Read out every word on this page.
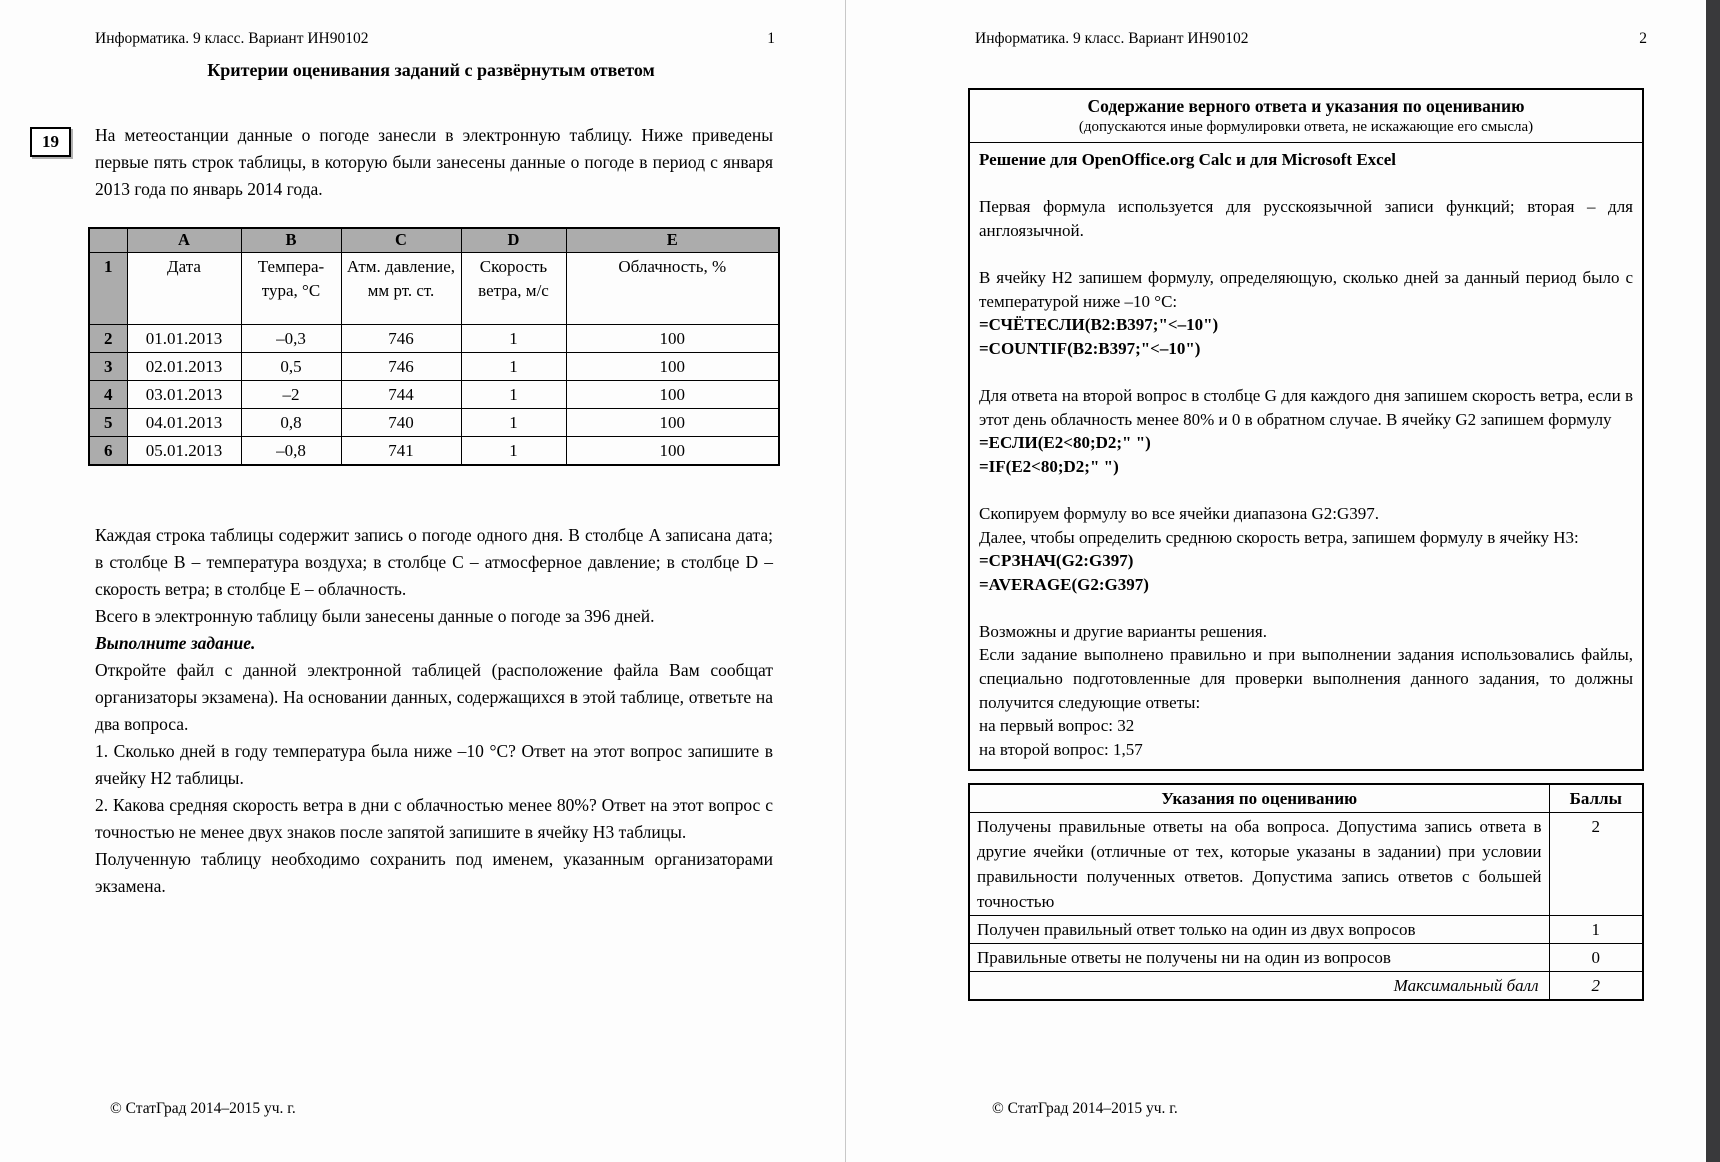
Информатика. 9 класс. Вариант ИН90102	1
Критерии оценивания заданий с развёрнутым ответом
19 На метеостанции данные о погоде занесли в электронную таблицу. Ниже приведены первые пять строк таблицы, в которую были занесены данные о погоде в период с января 2013 года по январь 2014 года.
	A	B	C	D	E
1	Дата	Темпера-тура, °С	Атм. давление, мм рт. ст.	Скорость ветра, м/с	Облачность, %
2	01.01.2013	–0,3	746	1	100
3	02.01.2013	0,5	746	1	100
4	03.01.2013	–2	744	1	100
5	04.01.2013	0,8	740	1	100
6	05.01.2013	–0,8	741	1	100
Каждая строка таблицы содержит запись о погоде одного дня. В столбце A записана дата; в столбце B – температура воздуха; в столбце C – атмосферное давление; в столбце D – скорость ветра; в столбце E – облачность.
Всего в электронную таблицу были занесены данные о погоде за 396 дней.
Выполните задание.
Откройте файл с данной электронной таблицей (расположение файла Вам сообщат организаторы экзамена). На основании данных, содержащихся в этой таблице, ответьте на два вопроса.
1. Сколько дней в году температура была ниже –10 °С? Ответ на этот вопрос запишите в ячейку H2 таблицы.
2. Какова средняя скорость ветра в дни с облачностью менее 80%? Ответ на этот вопрос с точностью не менее двух знаков после запятой запишите в ячейку H3 таблицы.
Полученную таблицу необходимо сохранить под именем, указанным организаторами экзамена.
© СтатГрад 2014–2015 уч. г.
Информатика. 9 класс. Вариант ИН90102	2
Содержание верного ответа и указания по оцениванию
(допускаются иные формулировки ответа, не искажающие его смысла)
Решение для OpenOffice.org Calc и для Microsoft Excel
Первая формула используется для русскоязычной записи функций; вторая – для англоязычной.
В ячейку H2 запишем формулу, определяющую, сколько дней за данный период было с температурой ниже –10 °С:
=СЧЁТЕСЛИ(B2:B397;"<–10")
=COUNTIF(B2:B397;"<–10")
Для ответа на второй вопрос в столбце G для каждого дня запишем скорость ветра, если в этот день облачность менее 80% и 0 в обратном случае. В ячейку G2 запишем формулу
=ЕСЛИ(E2<80;D2;" ")
=IF(E2<80;D2;" ")
Скопируем формулу во все ячейки диапазона G2:G397.
Далее, чтобы определить среднюю скорость ветра, запишем формулу в ячейку H3:
=СРЗНАЧ(G2:G397)
=AVERAGE(G2:G397)
Возможны и другие варианты решения.
Если задание выполнено правильно и при выполнении задания использовались файлы, специально подготовленные для проверки выполнения данного задания, то должны получится следующие ответы:
на первый вопрос: 32
на второй вопрос: 1,57
Указания по оцениванию	Баллы
Получены правильные ответы на оба вопроса. Допустима запись ответа в другие ячейки (отличные от тех, которые указаны в задании) при условии правильности полученных ответов. Допустима запись ответов с большей точностью	2
Получен правильный ответ только на один из двух вопросов	1
Правильные ответы не получены ни на один из вопросов	0
Максимальный балл	2
© СтатГрад 2014–2015 уч. г.
